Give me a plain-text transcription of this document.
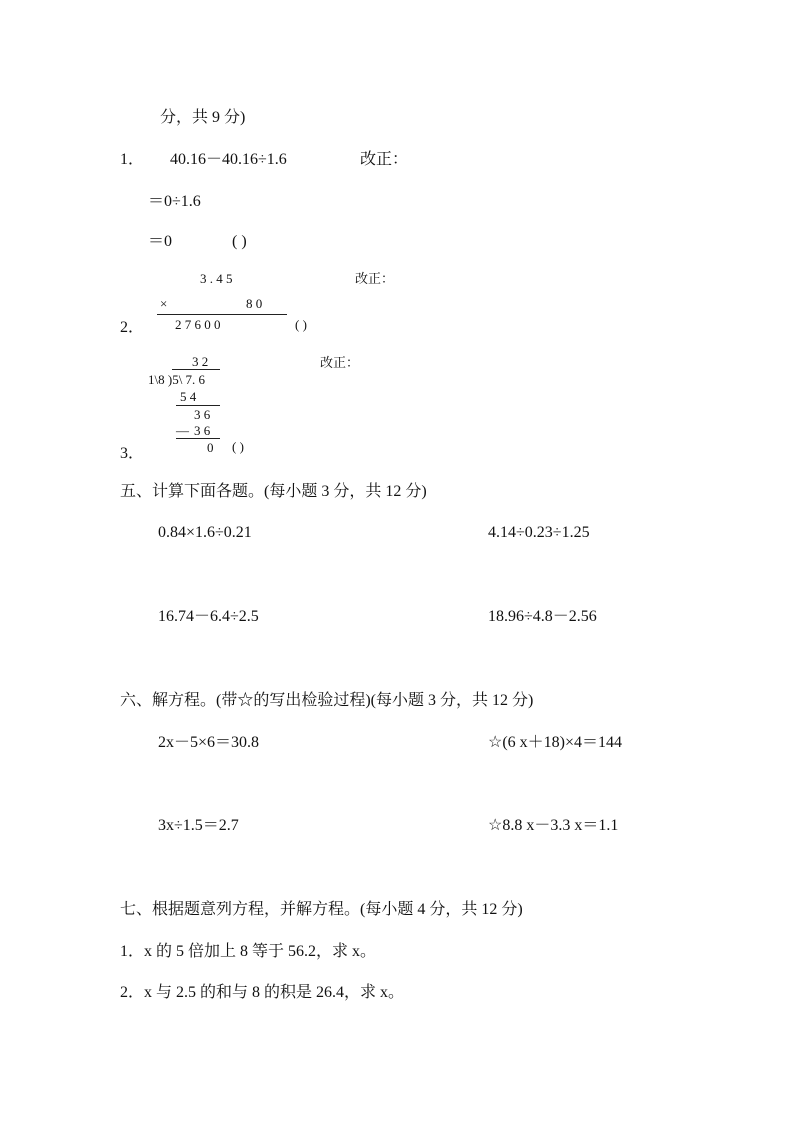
分，共 9 分)
1． 40.16－40.16÷1.6	改正：
＝0÷1.6
＝0	( )
3 . 4 5	改正：
×	8 0
2． 2 7 6 0 0	( )
3 2	改正：
1\8 )5\ 7. 6
5 4
3 6
— 3 6
0 ( )
3．
五、计算下面各题。(每小题 3 分，共 12 分)
0.84×1.6÷0.21	4.14÷0.23÷1.25
16.74－6.4÷2.5	18.96÷4.8－2.56
六、解方程。(带☆的写出检验过程)(每小题 3 分，共 12 分)
2x－5×6＝30.8	☆(6 x＋18)×4＝144
3x÷1.5＝2.7	☆8.8 x－3.3 x＝1.1
七、根据题意列方程，并解方程。(每小题 4 分，共 12 分)
1．x 的 5 倍加上 8 等于 56.2，求 x。
2．x 与 2.5 的和与 8 的积是 26.4，求 x。
